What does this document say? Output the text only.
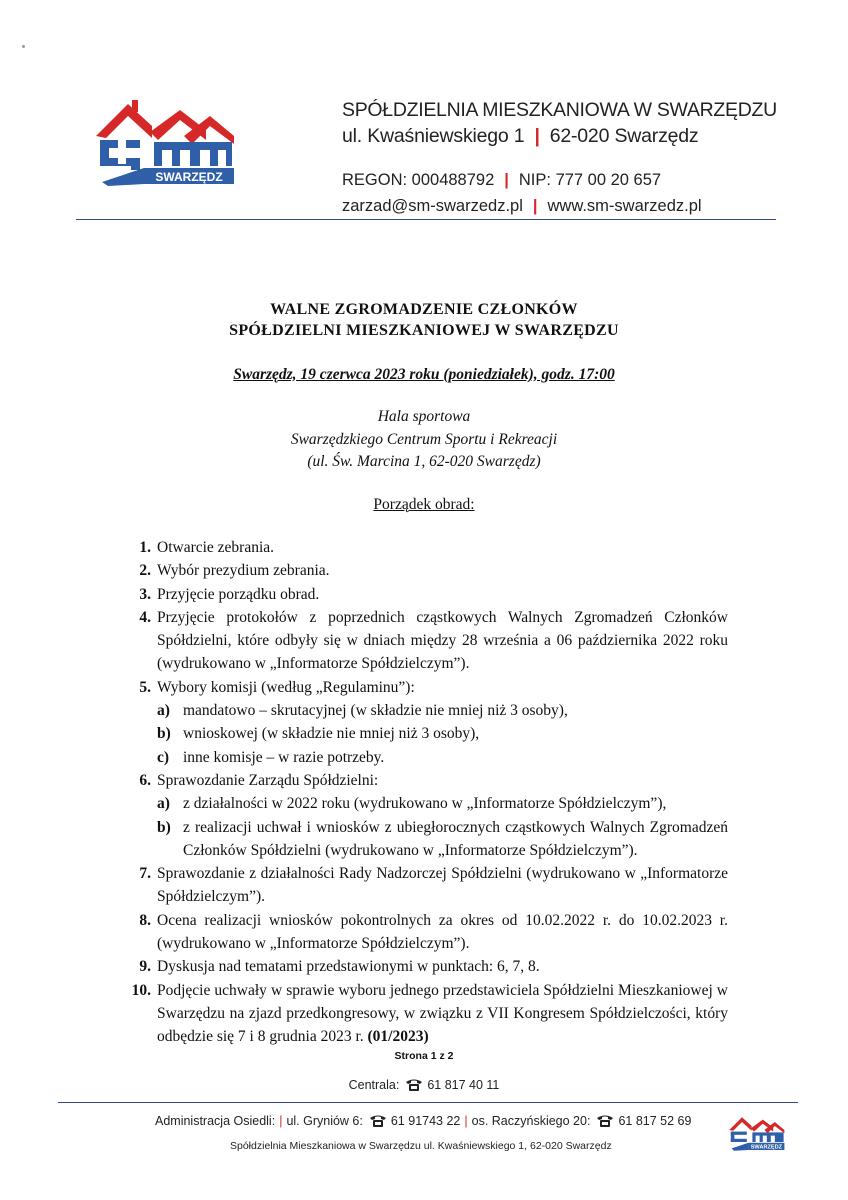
SWARZĘDZ
SPÓŁDZIELNIA MIESZKANIOWA W SWARZĘDZU
ul. Kwaśniewskiego 1 | 62-020 Swarzędz
REGON: 000488792 | NIP: 777 00 20 657
zarzad@sm-swarzedz.pl | www.sm-swarzedz.pl
WALNE ZGROMADZENIE CZŁONKÓW
SPÓŁDZIELNI MIESZKANIOWEJ W SWARZĘDZU
Swarzędz, 19 czerwca 2023 roku (poniedziałek), godz. 17:00
Hala sportowa
Swarzędzkiego Centrum Sportu i Rekreacji
(ul. Św. Marcina 1, 62-020 Swarzędz)
Porządek obrad:
1. Otwarcie zebrania.
2. Wybór prezydium zebrania.
3. Przyjęcie porządku obrad.
4. Przyjęcie protokołów z poprzednich cząstkowych Walnych Zgromadzeń Członków Spółdzielni, które odbyły się w dniach między 28 września a 06 października 2022 roku (wydrukowano w „Informatorze Spółdzielczym”).
5. Wybory komisji (według „Regulaminu”):
a) mandatowo – skrutacyjnej (w składzie nie mniej niż 3 osoby),
b) wnioskowej (w składzie nie mniej niż 3 osoby),
c) inne komisje – w razie potrzeby.
6. Sprawozdanie Zarządu Spółdzielni:
a) z działalności w 2022 roku (wydrukowano w „Informatorze Spółdzielczym”),
b) z realizacji uchwał i wniosków z ubiegłorocznych cząstkowych Walnych Zgromadzeń Członków Spółdzielni (wydrukowano w „Informatorze Spółdzielczym”).
7. Sprawozdanie z działalności Rady Nadzorczej Spółdzielni (wydrukowano w „Informatorze Spółdzielczym”).
8. Ocena realizacji wniosków pokontrolnych za okres od 10.02.2022 r. do 10.02.2023 r. (wydrukowano w „Informatorze Spółdzielczym”).
9. Dyskusja nad tematami przedstawionymi w punktach: 6, 7, 8.
10. Podjęcie uchwały w sprawie wyboru jednego przedstawiciela Spółdzielni Mieszkaniowej w Swarzędzu na zjazd przedkongresowy, w związku z VII Kongresem Spółdzielczości, który odbędzie się 7 i 8 grudnia 2023 r. (01/2023)
Strona 1 z 2
Centrala: 61 817 40 11
Administracja Osiedli: | ul. Gryniów 6: 61 91743 22 | os. Raczyńskiego 20: 61 817 52 69
Spółdzielnia Mieszkaniowa w Swarzędzu ul. Kwaśniewskiego 1, 62-020 Swarzędz	SWARZĘDZ
